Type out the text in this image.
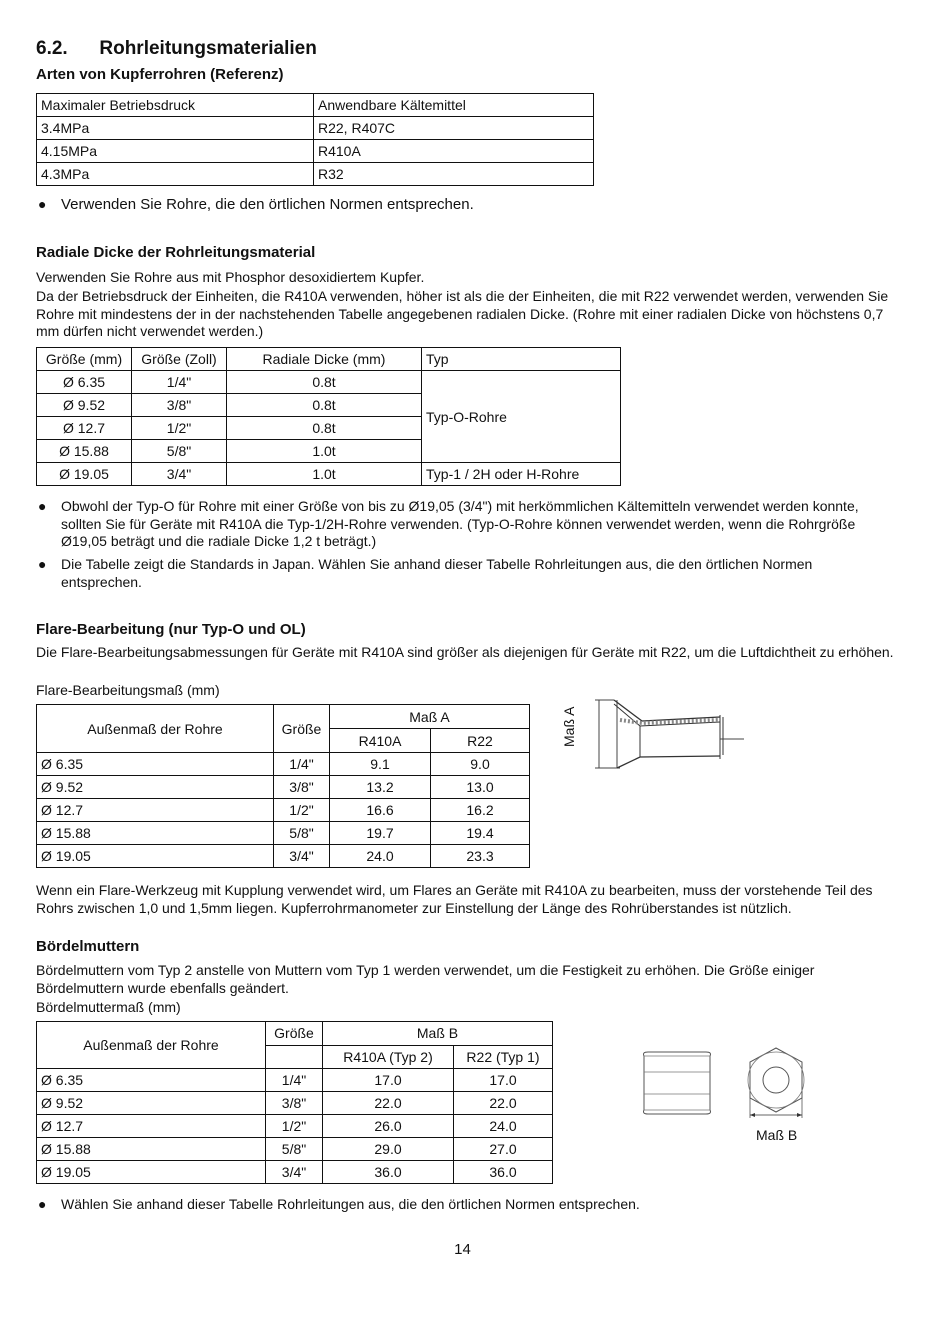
6.2.      Rohrleitungsmaterialien
Arten von Kupferrohren (Referenz)
Maximaler Betriebsdruck	Anwendbare Kältemittel
3.4MPa	R22, R407C
4.15MPa	R410A
4.3MPa	R32
● Verwenden Sie Rohre, die den örtlichen Normen entsprechen.
Radiale Dicke der Rohrleitungsmaterial

Verwenden Sie Rohre aus mit Phosphor desoxidiertem Kupfer.

Da der Betriebsdruck der Einheiten, die R410A verwenden, höher ist als die der Einheiten, die mit R22 verwendet werden, verwenden Sie Rohre mit mindestens der in der nachstehenden Tabelle angegebenen radialen Dicke. (Rohre mit einer radialen Dicke von höchstens 0,7 mm dürfen nicht verwendet werden.)

Größe (mm)	Größe (Zoll)	Radiale Dicke (mm)	Typ
Ø 6.35	1/4"	0.8t	Typ-O-Rohre
Ø 9.52	3/8"	0.8t	
Ø 12.7	1/2"	0.8t	
Ø 15.88	5/8"	1.0t	
Ø 19.05	3/4"	1.0t	Typ-1 / 2H oder H-Rohre
●	Obwohl der Typ-O für Rohre mit einer Größe von bis zu Ø19,05 (3/4") mit herkömmlichen Kältemitteln verwendet werden konnte, sollten Sie für Geräte mit R410A die Typ-1/2H-Rohre verwenden. (Typ-O-Rohre können verwendet werden, wenn die Rohrgröße Ø19,05 beträgt und die radiale Dicke 1,2 t beträgt.)

●	Die Tabelle zeigt die Standards in Japan. Wählen Sie anhand dieser Tabelle Rohrleitungen aus, die den örtlichen Normen entsprechen.

Flare-Bearbeitung (nur Typ-O und OL)

Die Flare-Bearbeitungsabmessungen für Geräte mit R410A sind größer als diejenigen für Geräte mit R22, um die Luftdichtheit zu erhöhen.

Flare-Bearbeitungsmaß (mm)

Außenmaß der Rohre	Größe	Maß A	
		R410A	R22
Ø 6.35	1/4"	9.1	9.0
Ø 9.52	3/8"	13.2	13.0
Ø 12.7	1/2"	16.6	16.2
Ø 15.88	5/8"	19.7	19.4
Ø 19.05	3/4"	24.0	23.3
Maß A

Wenn ein Flare-Werkzeug mit Kupplung verwendet wird, um Flares an Geräte mit R410A zu bearbeiten, muss der vorstehende Teil des Rohrs zwischen 1,0 und 1,5mm liegen. Kupferrohrmanometer zur Einstellung der Länge des Rohrüberstandes ist nützlich.

Bördelmuttern

Bördelmuttern vom Typ 2 anstelle von Muttern vom Typ 1 werden verwendet, um die Festigkeit zu erhöhen. Die Größe einiger Bördelmuttern wurde ebenfalls geändert.

Bördelmuttermaß (mm)

Außenmaß der Rohre	Größe	Maß B	
		R410A (Typ 2)	R22 (Typ 1)
Ø 6.35	1/4"	17.0	17.0
Ø 9.52	3/8"	22.0	22.0
Ø 12.7	1/2"	26.0	24.0
Ø 15.88	5/8"	29.0	27.0
Ø 19.05	3/4"	36.0	36.0
Maß B
●	Wählen Sie anhand dieser Tabelle Rohrleitungen aus, die den örtlichen Normen entsprechen.
14
